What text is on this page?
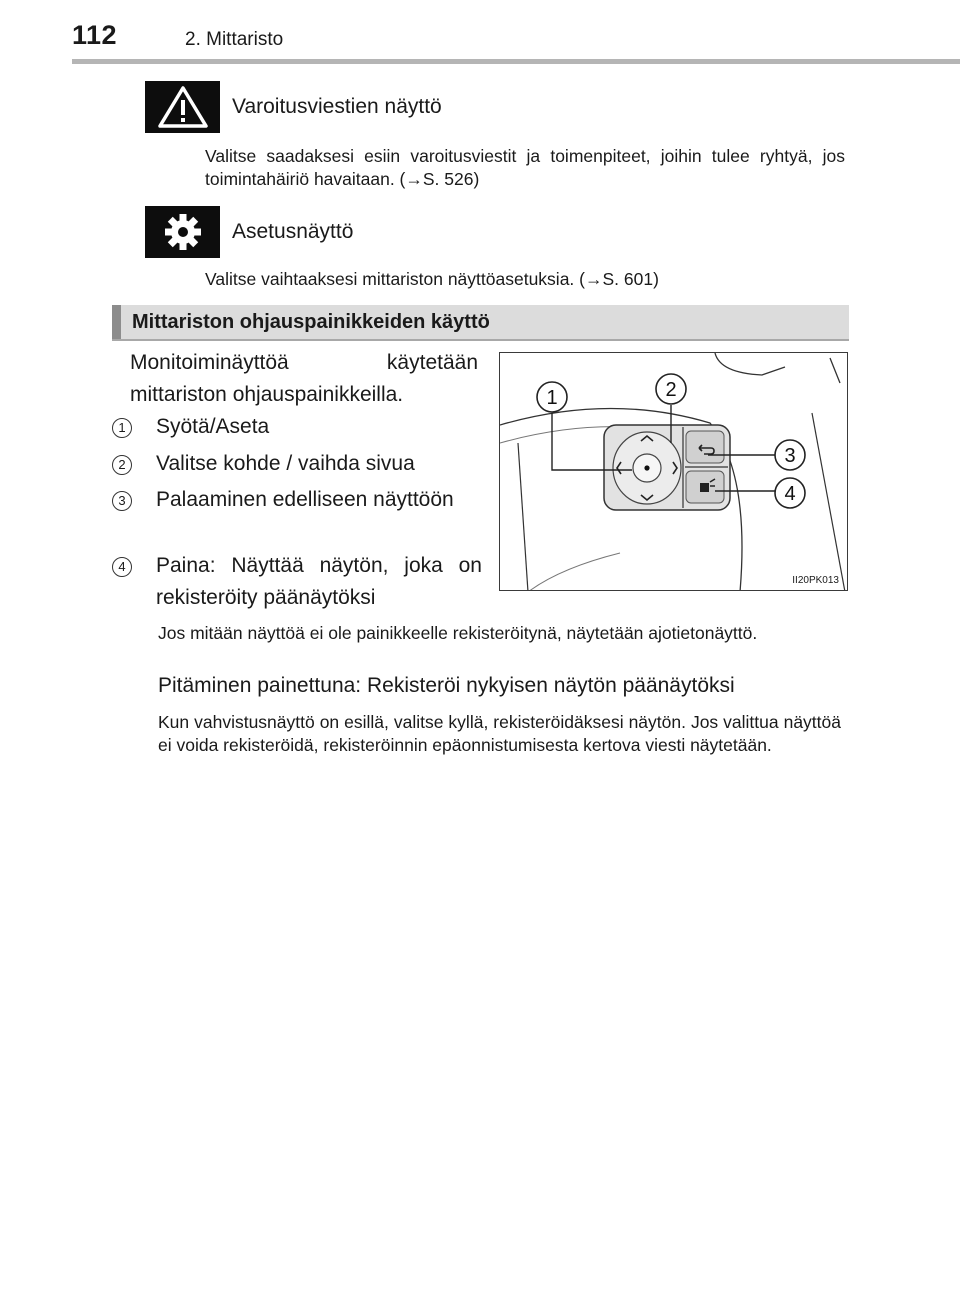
112	2. Mittaristo
Varoitusviestien näyttö
Valitse saadaksesi esiin varoitusviestit ja toimenpiteet, joihin tulee ryhtyä, jos toimintahäiriö havaitaan. (→S. 526)
Asetusnäyttö
Valitse vaihtaaksesi mittariston näyttöasetuksia. (→S. 601)
Mittariston ohjauspainikkeiden käyttö
Monitoiminäyttöä käytetään mittariston ohjauspainikkeilla.
1	Syötä/Aseta
2	Valitse kohde / vaihda sivua
3	Palaaminen edelliseen näyttöön
4	Paina: Näyttää näytön, joka on rekisteröity päänäytöksi
Jos mitään näyttöä ei ole painikkeelle rekisteröitynä, näytetään ajotietonäyttö.
Pitäminen painettuna: Rekisteröi nykyisen näytön päänäytöksi
Kun vahvistusnäyttö on esillä, valitse kyllä, rekisteröidäksesi näytön. Jos valittua näyttöä ei voida rekisteröidä, rekisteröinnin epäonnistumisesta kertova viesti näytetään.
1	2
3
4
II20PK013
